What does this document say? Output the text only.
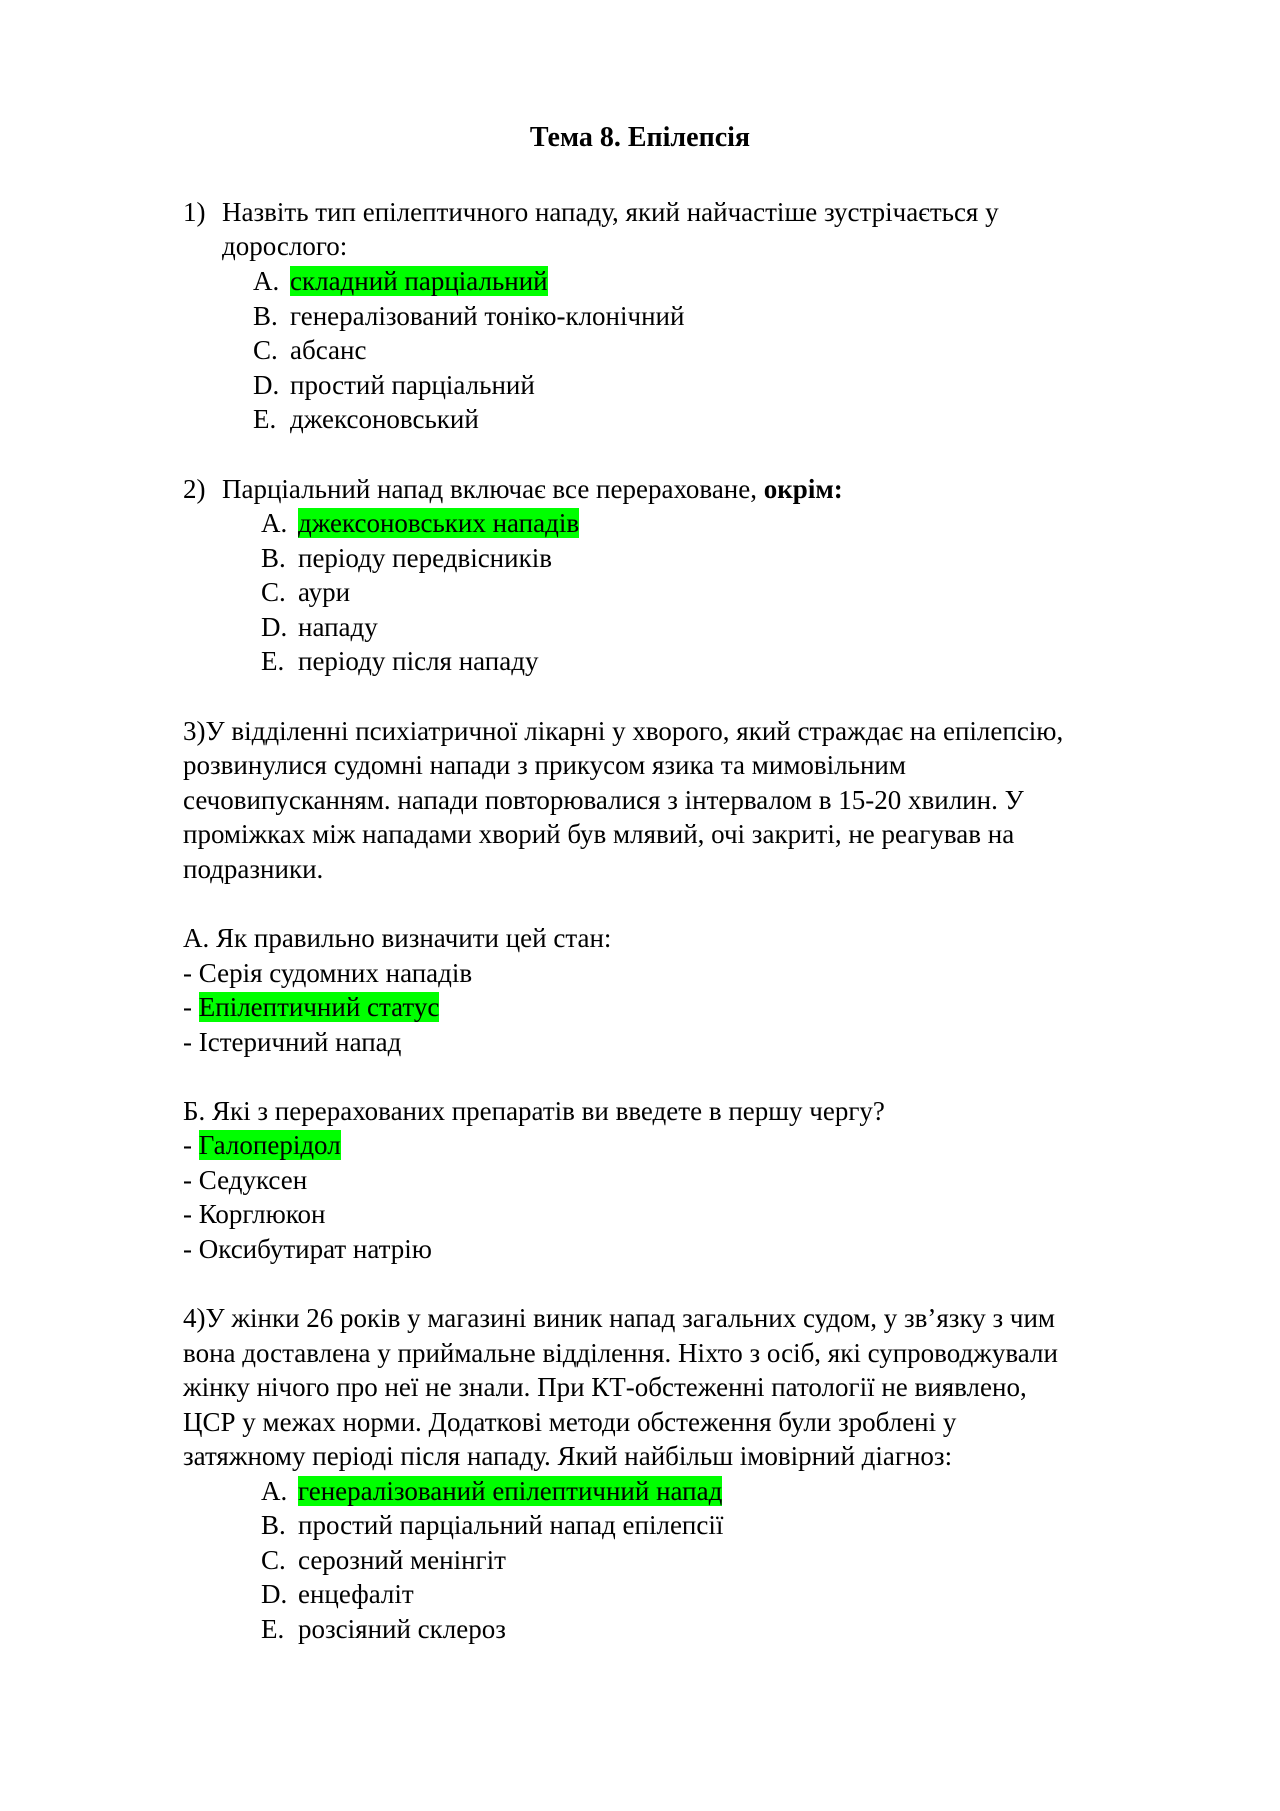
Тема 8. Епілепсія
1) Назвіть тип епілептичного нападу, який найчастіше зустрічається у
дорослого:
A. складний парціальний
B. генералізований тоніко-клонічний
C. абсанс
D. простий парціальний
E. джексоновський
2) Парціальний напад включає все перераховане, окрім:
A. джексоновських нападів
B. періоду передвісників
C. аури
D. нападу
E. періоду після нападу
3)У відділенні психіатричної лікарні у хворого, який страждає на епілепсію,
розвинулися судомні напади з прикусом язика та мимовільним
сечовипусканням. напади повторювалися з інтервалом в 15-20 хвилин. У
проміжках між нападами хворий був млявий, очі закриті, не реагував на
подразники.
А. Як правильно визначити цей стан:
- Серія судомних нападів
- Епілептичний статус
- Істеричний напад
Б. Які з перерахованих препаратів ви введете в першу чергу?
- Галоперідол
- Седуксен
- Корглюкон
- Оксибутират натрію
4)У жінки 26 років у магазині виник напад загальних судом, у зв’язку з чим
вона доставлена у приймальне відділення. Ніхто з осіб, які супроводжували
жінку нічого про неї не знали. При КТ-обстеженні патології не виявлено,
ЦСР у межах норми. Додаткові методи обстеження були зроблені у
затяжному періоді після нападу. Який найбільш імовірний діагноз:
A. генералізований епілептичний напад
B. простий парціальний напад епілепсії
C. серозний менінгіт
D. енцефаліт
E. розсіяний склероз
